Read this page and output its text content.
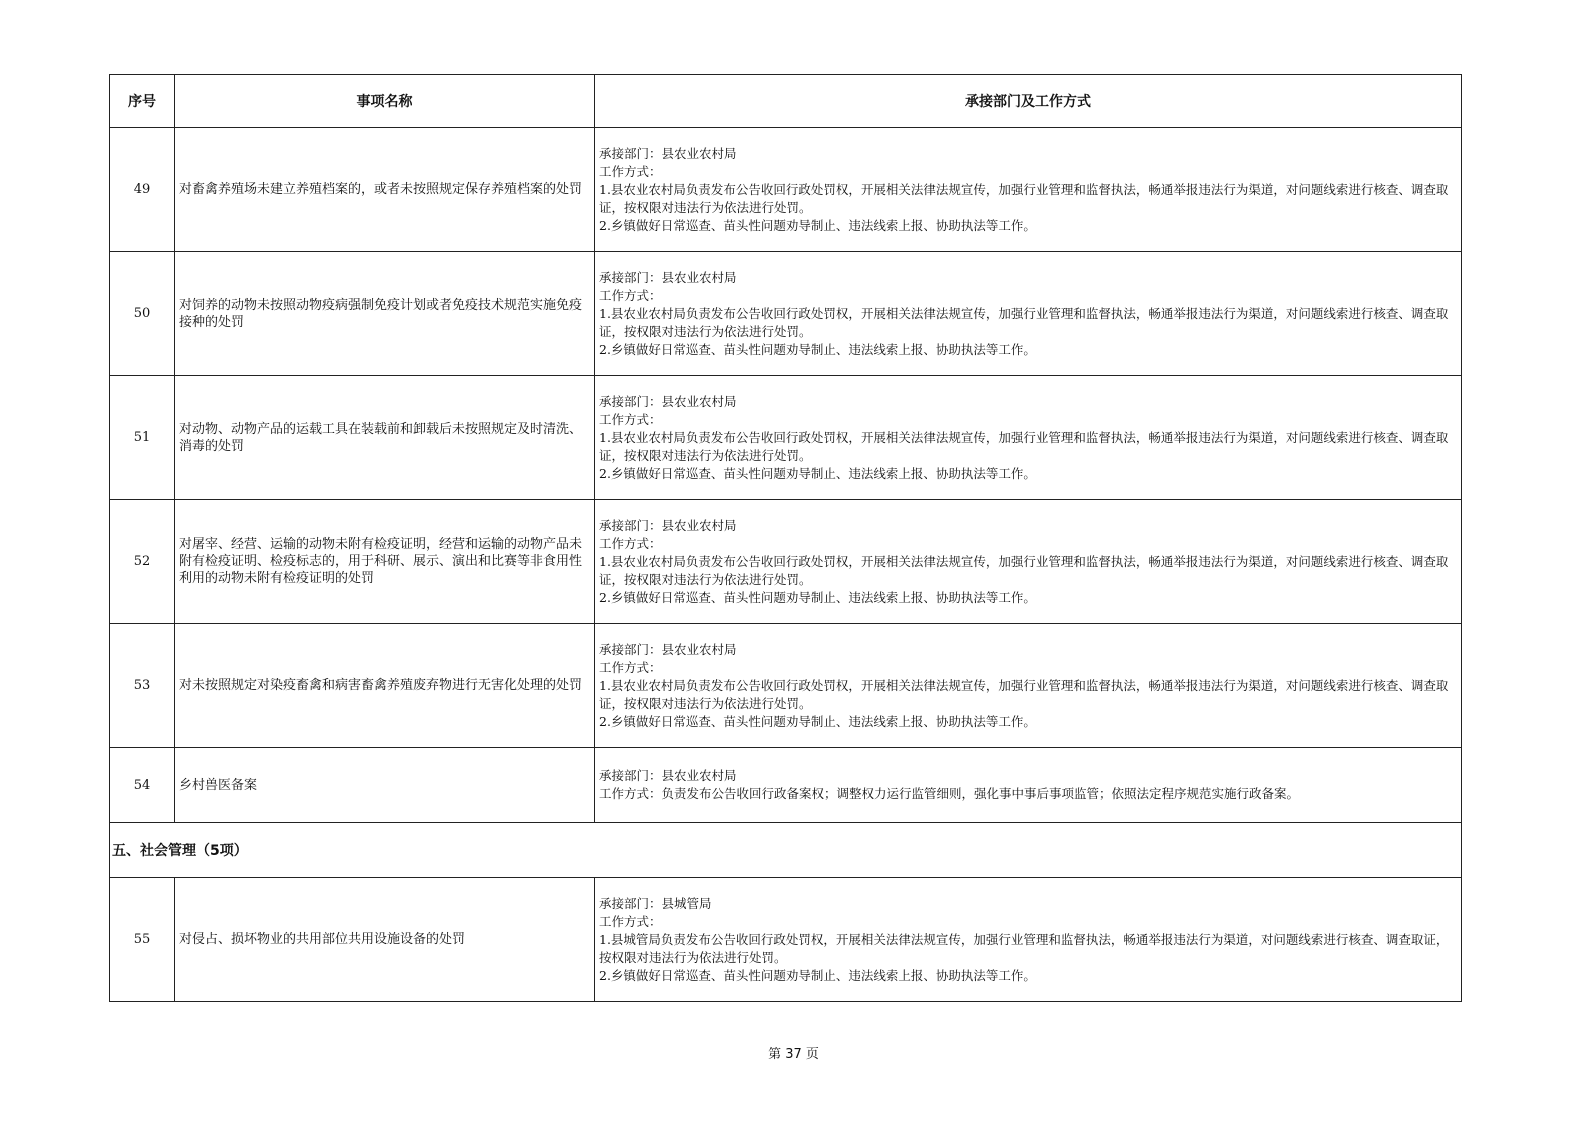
序号	事项名称	承接部门及工作方式
49	对畜禽养殖场未建立养殖档案的，或者未按照规定保存养殖档案的处罚	承接部门：县农业农村局
工作方式：
1.县农业农村局负责发布公告收回行政处罚权，开展相关法律法规宣传，加强行业管理和监督执法，畅通举报违法行为渠道，对问题线索进行核查、调查取证，按权限对违法行为依法进行处罚。
2.乡镇做好日常巡查、苗头性问题劝导制止、违法线索上报、协助执法等工作。

50	对饲养的动物未按照动物疫病强制免疫计划或者免疫技术规范实施免疫接种的处罚	承接部门：县农业农村局
工作方式：
1.县农业农村局负责发布公告收回行政处罚权，开展相关法律法规宣传，加强行业管理和监督执法，畅通举报违法行为渠道，对问题线索进行核查、调查取证，按权限对违法行为依法进行处罚。
2.乡镇做好日常巡查、苗头性问题劝导制止、违法线索上报、协助执法等工作。

51	对动物、动物产品的运载工具在装载前和卸载后未按照规定及时清洗、消毒的处罚	承接部门：县农业农村局
工作方式：
1.县农业农村局负责发布公告收回行政处罚权，开展相关法律法规宣传，加强行业管理和监督执法，畅通举报违法行为渠道，对问题线索进行核查、调查取证，按权限对违法行为依法进行处罚。
2.乡镇做好日常巡查、苗头性问题劝导制止、违法线索上报、协助执法等工作。

52	对屠宰、经营、运输的动物未附有检疫证明，经营和运输的动物产品未附有检疫证明、检疫标志的，用于科研、展示、演出和比赛等非食用性利用的动物未附有检疫证明的处罚	承接部门：县农业农村局
工作方式：
1.县农业农村局负责发布公告收回行政处罚权，开展相关法律法规宣传，加强行业管理和监督执法，畅通举报违法行为渠道，对问题线索进行核查、调查取证，按权限对违法行为依法进行处罚。
2.乡镇做好日常巡查、苗头性问题劝导制止、违法线索上报、协助执法等工作。

53	对未按照规定对染疫畜禽和病害畜禽养殖废弃物进行无害化处理的处罚	承接部门：县农业农村局
工作方式：
1.县农业农村局负责发布公告收回行政处罚权，开展相关法律法规宣传，加强行业管理和监督执法，畅通举报违法行为渠道，对问题线索进行核查、调查取证，按权限对违法行为依法进行处罚。
2.乡镇做好日常巡查、苗头性问题劝导制止、违法线索上报、协助执法等工作。

54	乡村兽医备案	承接部门：县农业农村局
工作方式：负责发布公告收回行政备案权；调整权力运行监管细则，强化事中事后事项监管；依照法定程序规范实施行政备案。

五、社会管理（5项）		
55	对侵占、损坏物业的共用部位共用设施设备的处罚	承接部门：县城管局
工作方式：
1.县城管局负责发布公告收回行政处罚权，开展相关法律法规宣传，加强行业管理和监督执法，畅通举报违法行为渠道，对问题线索进行核查、调查取证，按权限对违法行为依法进行处罚。
2.乡镇做好日常巡查、苗头性问题劝导制止、违法线索上报、协助执法等工作。
第 37 页
